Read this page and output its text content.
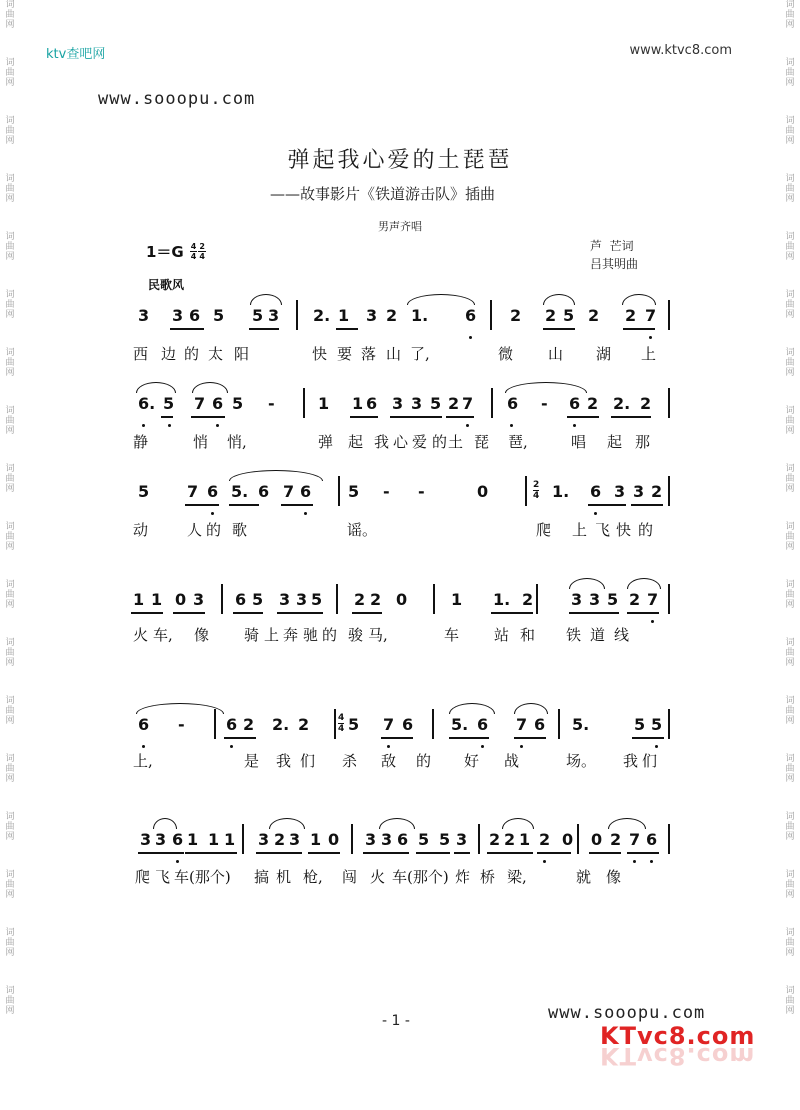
词
曲
网
词
曲
网
词
曲
网
词
曲
网
词
曲
网
词
曲
网
词
曲
网
词
曲
网
词
曲
网
词
曲
网
词
曲
网
词
曲
网
词
曲
网
词
曲
网
词
曲
网
词
曲
网
词
曲
网
词
曲
网
词
曲
网
词
曲
网
词
曲
网
词
曲
网
词
曲
网
词
曲
网
词
曲
网
词
曲
网
词
曲
网
词
曲
网
词
曲
网
词
曲
网
词
曲
网
词
曲
网
词
曲
网
词
曲
网
词
曲
网
词
曲
网
ktv查吧网	www.ktvc8.com
www.sooopu.com
弹起我心爱的土琵琶
——故事影片《铁道游击队》插曲
男声齐唱
$1=G \frac{4}{4} \frac{2}{4}$	芦  芒词
吕其明曲
民歌风
3 3 6 5 5 3 2. 1 3 2 1. 6 2 2 5 2 2 7
西 边 的 太 阳	快 要 落 山 了,	微 山 湖 上
6. 5 7 6 5 -	1 1 6 3 3 5 2 7 6 - 6 2 2. 2
静	悄 悄,	弹 起 我 心 爱 的 土 琵 琶,	唱 起 那
5 7 6 5. 6 7 6 5 - -	0	1. 6 3 3 2
$\frac{2}{4}$
动	人 的 歌	谣。	爬 上 飞 快 的
1 1 0 3 6 5 3 3 5 2 2 0	1 1. 2 3 3 5 2 7
火 车, 像 骑 上 奔 驰 的 骏 马,	车 站 和 铁 道 线
6 -	6 2 2. 2 5 7 6 5. 6 7 6 5.	5 5
$\frac{4}{4}$
上,	是 我 们 杀 敌 的 好 战	场。 我 们
3 3 6 1 1 1 3 2 3 1 0 3 3 6 5 5 3 2 2 1 2 0 0 2 7 6
爬 飞 车(那个) 搞 机 枪, 闯 火 车(那个) 炸 桥 梁,	就 像
- 1 -	www.sooopu.com
KTvc8.com
KTvc8.com
